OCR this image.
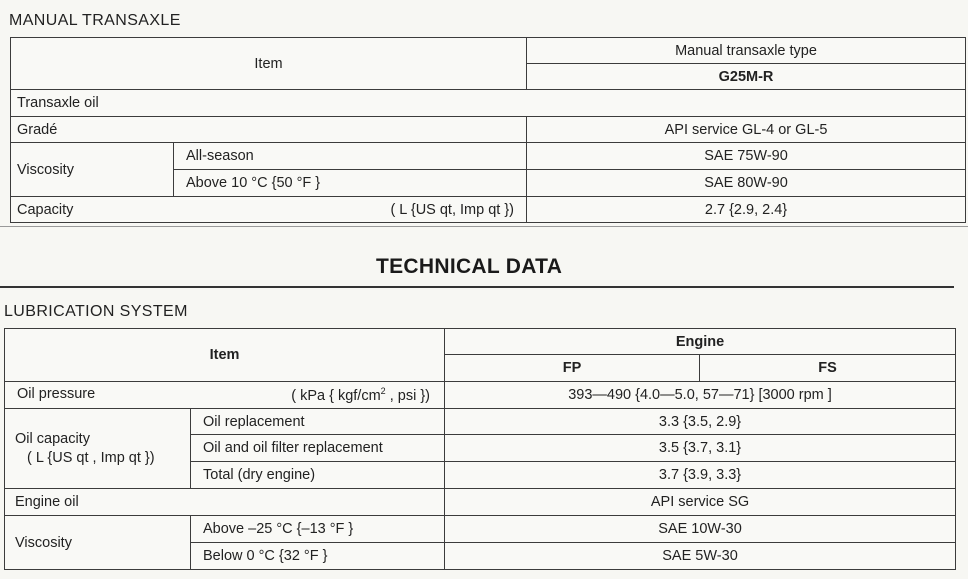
MANUAL TRANSAXLE
Item		Manual transaxle type
		G25M-R
Transaxle oil		
Gradé		API service GL-4 or GL-5
Viscosity	All-season	SAE 75W-90
	Above 10 °C {50 °F }	SAE 80W-90
Capacity ( L {US qt, Imp qt })		2.7 {2.9, 2.4}
TECHNICAL DATA
LUBRICATION SYSTEM
Item		Engine	
		FP	FS
Oil pressure ( kPa { kgf/$cm^2$ , psi })		393—490 {4.0—5.0, 57—71} [3000 rpm ]	

Oil capacity
( L {US qt , Imp qt })	Oil replacement	3.3 {3.5, 2.9}	
	Oil and oil filter replacement	3.5 {3.7, 3.1}	
	Total (dry engine)	3.7 {3.9, 3.3}	
Engine oil		API service SG	
Viscosity	Above –25 °C {–13 °F }	SAE 10W-30	
	Below 0 °C {32 °F }	SAE 5W-30	
